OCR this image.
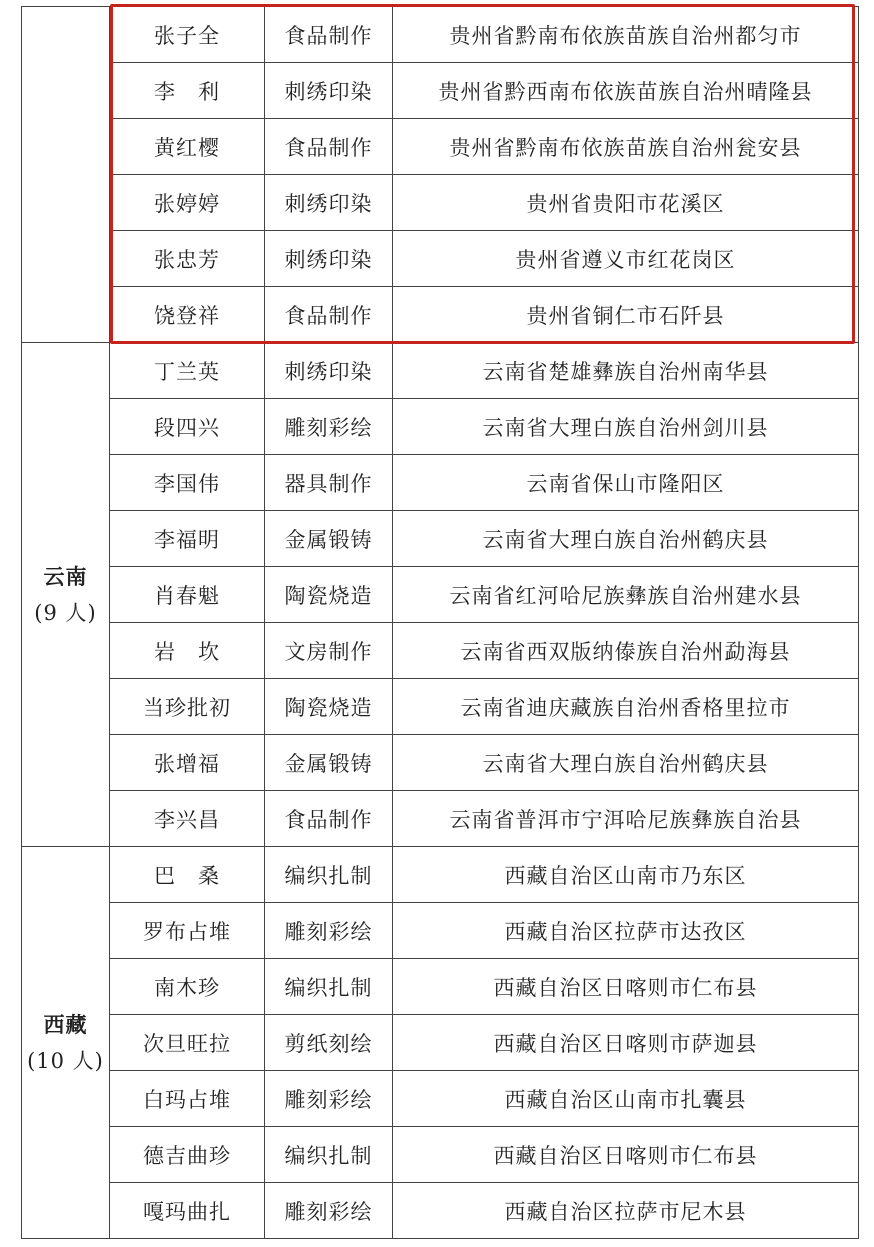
	张子全	食品制作	贵州省黔南布依族苗族自治州都匀市
	李　利	刺绣印染	贵州省黔西南布依族苗族自治州晴隆县
	黄红樱	食品制作	贵州省黔南布依族苗族自治州瓮安县
	张婷婷	刺绣印染	贵州省贵阳市花溪区
	张忠芳	刺绣印染	贵州省遵义市红花岗区
	饶登祥	食品制作	贵州省铜仁市石阡县

云南
(9 人)	丁兰英	刺绣印染	云南省楚雄彝族自治州南华县
	段四兴	雕刻彩绘	云南省大理白族自治州剑川县
	李国伟	器具制作	云南省保山市隆阳区
	李福明	金属锻铸	云南省大理白族自治州鹤庆县
	肖春魁	陶瓷烧造	云南省红河哈尼族彝族自治州建水县
	岩　坎	文房制作	云南省西双版纳傣族自治州勐海县
	当珍批初	陶瓷烧造	云南省迪庆藏族自治州香格里拉市
	张增福	金属锻铸	云南省大理白族自治州鹤庆县
	李兴昌	食品制作	云南省普洱市宁洱哈尼族彝族自治县

西藏
(10 人)	巴　桑	编织扎制	西藏自治区山南市乃东区
	罗布占堆	雕刻彩绘	西藏自治区拉萨市达孜区
	南木珍	编织扎制	西藏自治区日喀则市仁布县
	次旦旺拉	剪纸刻绘	西藏自治区日喀则市萨迦县
	白玛占堆	雕刻彩绘	西藏自治区山南市扎囊县
	德吉曲珍	编织扎制	西藏自治区日喀则市仁布县
	嘎玛曲扎	雕刻彩绘	西藏自治区拉萨市尼木县
